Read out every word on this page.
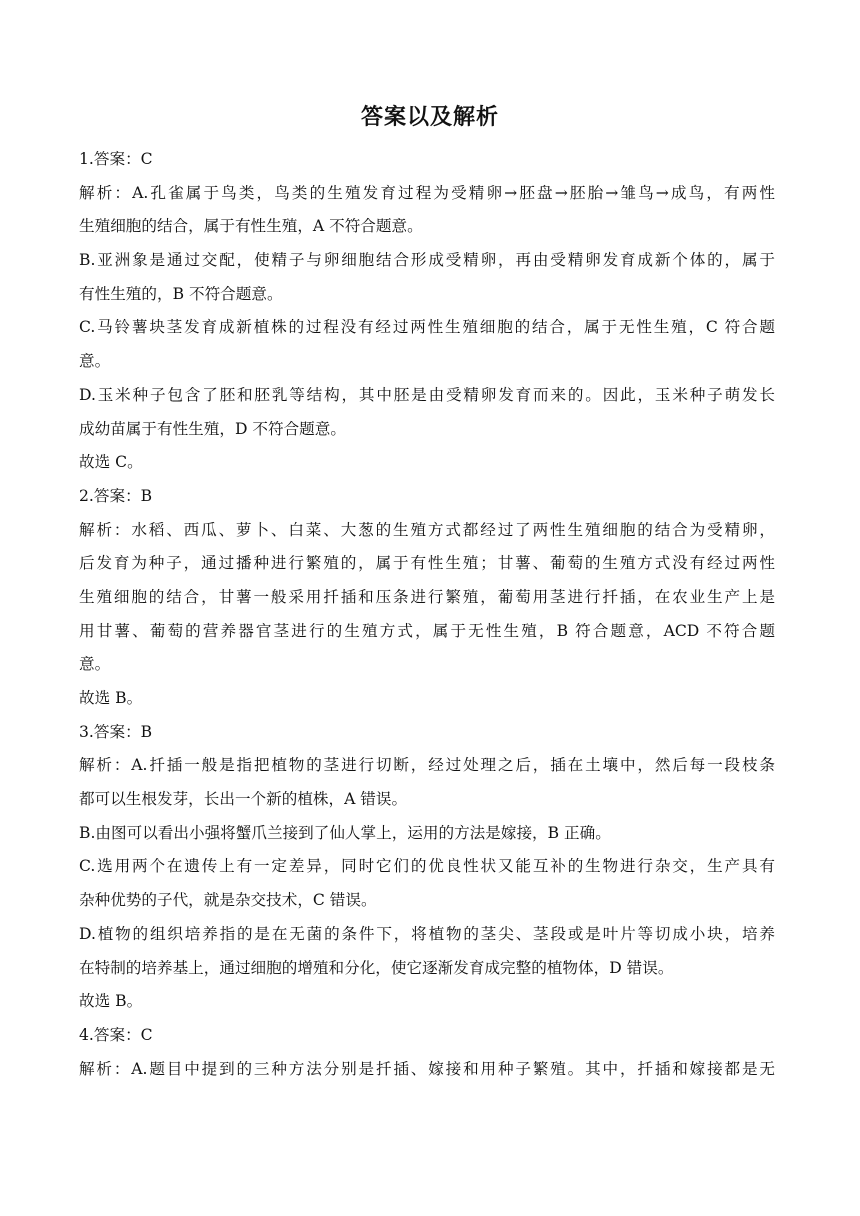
答案以及解析
1.答案：C
解析：A.孔雀属于鸟类，鸟类的生殖发育过程为受精卵→胚盘→胚胎→雏鸟→成鸟，有两性
生殖细胞的结合，属于有性生殖，A 不符合题意。
B.亚洲象是通过交配，使精子与卵细胞结合形成受精卵，再由受精卵发育成新个体的，属于
有性生殖的，B 不符合题意。
C.马铃薯块茎发育成新植株的过程没有经过两性生殖细胞的结合，属于无性生殖，C 符合题
意。
D.玉米种子包含了胚和胚乳等结构，其中胚是由受精卵发育而来的。因此，玉米种子萌发长
成幼苗属于有性生殖，D 不符合题意。
故选 C。
2.答案：B
解析：水稻、西瓜、萝卜、白菜、大葱的生殖方式都经过了两性生殖细胞的结合为受精卵，
后发育为种子，通过播种进行繁殖的，属于有性生殖；甘薯、葡萄的生殖方式没有经过两性
生殖细胞的结合，甘薯一般采用扦插和压条进行繁殖，葡萄用茎进行扦插，在农业生产上是
用甘薯、葡萄的营养器官茎进行的生殖方式，属于无性生殖，B 符合题意，ACD 不符合题
意。
故选 B。
3.答案：B
解析：A.扦插一般是指把植物的茎进行切断，经过处理之后，插在土壤中，然后每一段枝条
都可以生根发芽，长出一个新的植株，A 错误。
B.由图可以看出小强将蟹爪兰接到了仙人掌上，运用的方法是嫁接，B 正确。
C.选用两个在遗传上有一定差异，同时它们的优良性状又能互补的生物进行杂交，生产具有
杂种优势的子代，就是杂交技术，C 错误。
D.植物的组织培养指的是在无菌的条件下，将植物的茎尖、茎段或是叶片等切成小块，培养
在特制的培养基上，通过细胞的增殖和分化，使它逐渐发育成完整的植物体，D 错误。
故选 B。
4.答案：C
解析：A.题目中提到的三种方法分别是扦插、嫁接和用种子繁殖。其中，扦插和嫁接都是无
